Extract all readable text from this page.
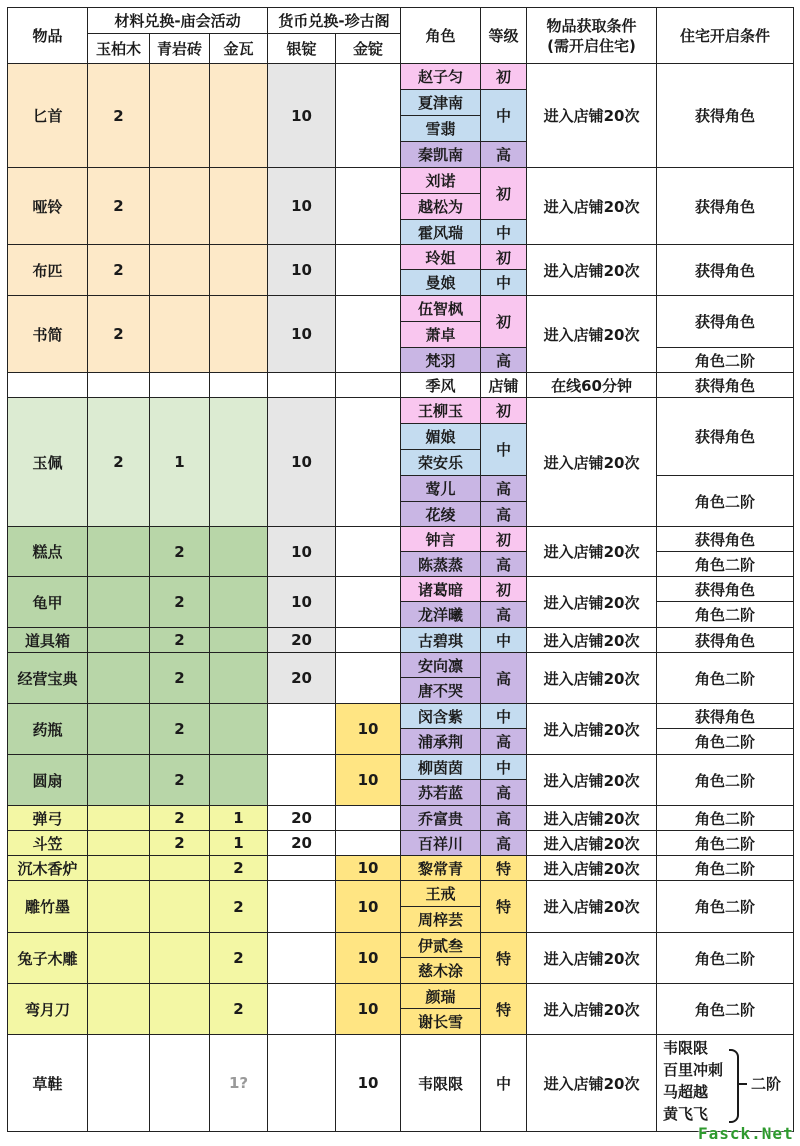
物品	材料兑换-庙会活动			货币兑换-珍古阁		角色	等级	物品获取条件
(需开启住宅)	住宅开启条件
	玉柏木	青岩砖	金瓦	银锭	金锭				
匕首	2			10		赵子匀	初	进入店铺20次	获得角色
						夏津南	中		
						雪翡			
						秦凯南	高		
哑铃	2			10		刘诺	初	进入店铺20次	获得角色
						越松为			
						霍风瑞	中		
布匹	2			10		玲姐	初	进入店铺20次	获得角色
						曼娘	中		
书简	2			10		伍智枫	初	进入店铺20次	获得角色
						萧卓			
						梵羽	高		角色二阶
						季风	店铺	在线60分钟	获得角色
玉佩	2	1		10		王柳玉	初	进入店铺20次	获得角色
						媚娘	中		
						荣安乐			
						莺儿	高		角色二阶
						花绫	高		
糕点		2		10		钟言	初	进入店铺20次	获得角色
						陈蒸蒸	高		角色二阶
龟甲		2		10		诸葛暗	初	进入店铺20次	获得角色
						龙洋曦	高		角色二阶
道具箱		2		20		古碧琪	中	进入店铺20次	获得角色
经营宝典		2		20		安向凛	高	进入店铺20次	角色二阶
						唐不哭			
药瓶		2			10	闵含紫	中	进入店铺20次	获得角色
						浦承荆	高		角色二阶
圆扇		2			10	柳茵茵	中	进入店铺20次	角色二阶
						苏若蓝	高		
弹弓		2	1	20		乔富贵	高	进入店铺20次	角色二阶
斗笠		2	1	20		百祥川	高	进入店铺20次	角色二阶
沉木香炉			2		10	黎常青	特	进入店铺20次	角色二阶
雕竹墨			2		10	王戒	特	进入店铺20次	角色二阶
						周梓芸			
兔子木雕			2		10	伊贰叁	特	进入店铺20次	角色二阶
						慈木涂			
弯月刀			2		10	颜瑞	特	进入店铺20次	角色二阶
						谢长雪			
草鞋			1?		10	韦限限	中	进入店铺20次	韦限限
百里冲刺
马超越
黄飞飞
二阶
Fasck.Net
